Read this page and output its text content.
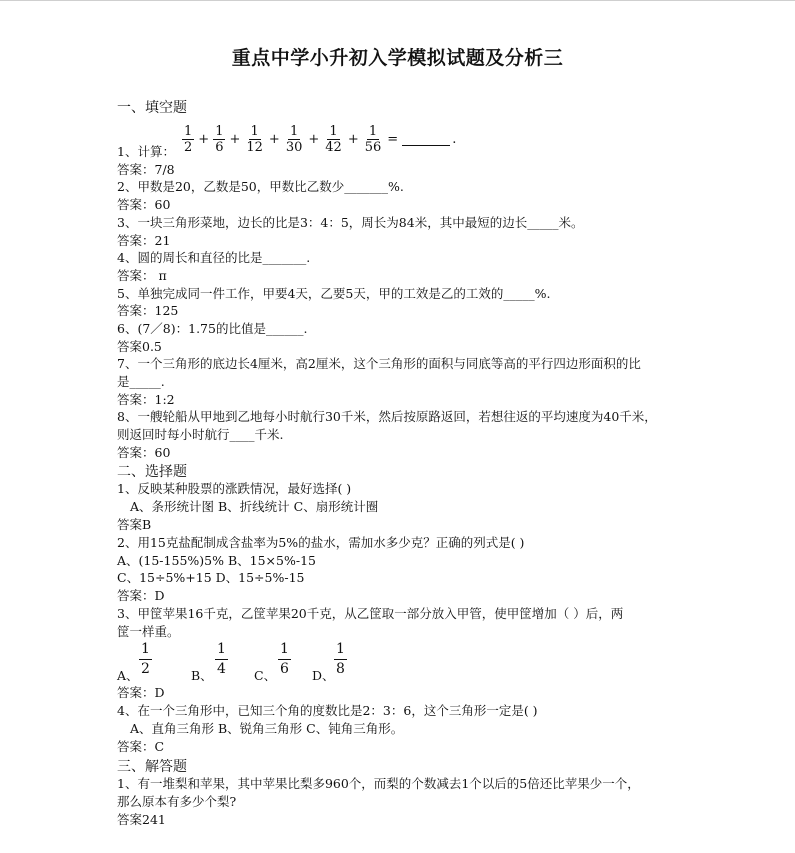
重点中学小升初入学模拟试题及分析三
一、填空题
$\frac{1}{2} + \frac{1}{6} + \frac{1}{12} + \frac{1}{30} + \frac{1}{42} + \frac{1}{56}$ =	.
1、计算：
答案：7/8
2、甲数是20，乙数是50，甲数比乙数少_______%.
答案：60
3、一块三角形菜地，边长的比是3：4：5，周长为84米，其中最短的边长_____米。
答案：21
4、圆的周长和直径的比是_______.
答案： π
5、单独完成同一件工作，甲要4天，乙要5天，甲的工效是乙的工效的_____%.
答案：125
6、(7／8)：1.75的比值是______.
答案0.5
7、一个三角形的底边长4厘米，高2厘米，这个三角形的面积与同底等高的平行四边形面积的比
是_____.
答案：1:2
8、一艘轮船从甲地到乙地每小时航行30千米，然后按原路返回，若想往返的平均速度为40千米，
则返回时每小时航行____千米.
答案：60
二、选择题
1、反映某种股票的涨跌情况，最好选择( )
A、条形统计图 B、折线统计 C、扇形统计圈
答案B
2、用15克盐配制成含盐率为5%的盐水，需加水多少克？正确的列式是( )
A、(15-155%)5% B、15×5%-15
C、15÷5%+15 D、15÷5%-15
答案：D
3、甲筐苹果16千克，乙筐苹果20千克，从乙筐取一部分放入甲管，使甲筐增加（ ）后，两
筐一样重。
A、 $\frac{1}{2}$	B、 $\frac{1}{4}$ C、 $\frac{1}{6}$ D、 $\frac{1}{8}$
答案：D
4、在一个三角形中，已知三个角的度数比是2：3：6，这个三角形一定是( )
A、直角三角形 B、锐角三角形 C、钝角三角形。
答案：C
三、解答题
1、有一堆梨和苹果，其中苹果比梨多960个，而梨的个数减去1个以后的5倍还比苹果少一个，
那么原本有多少个梨?
答案241
